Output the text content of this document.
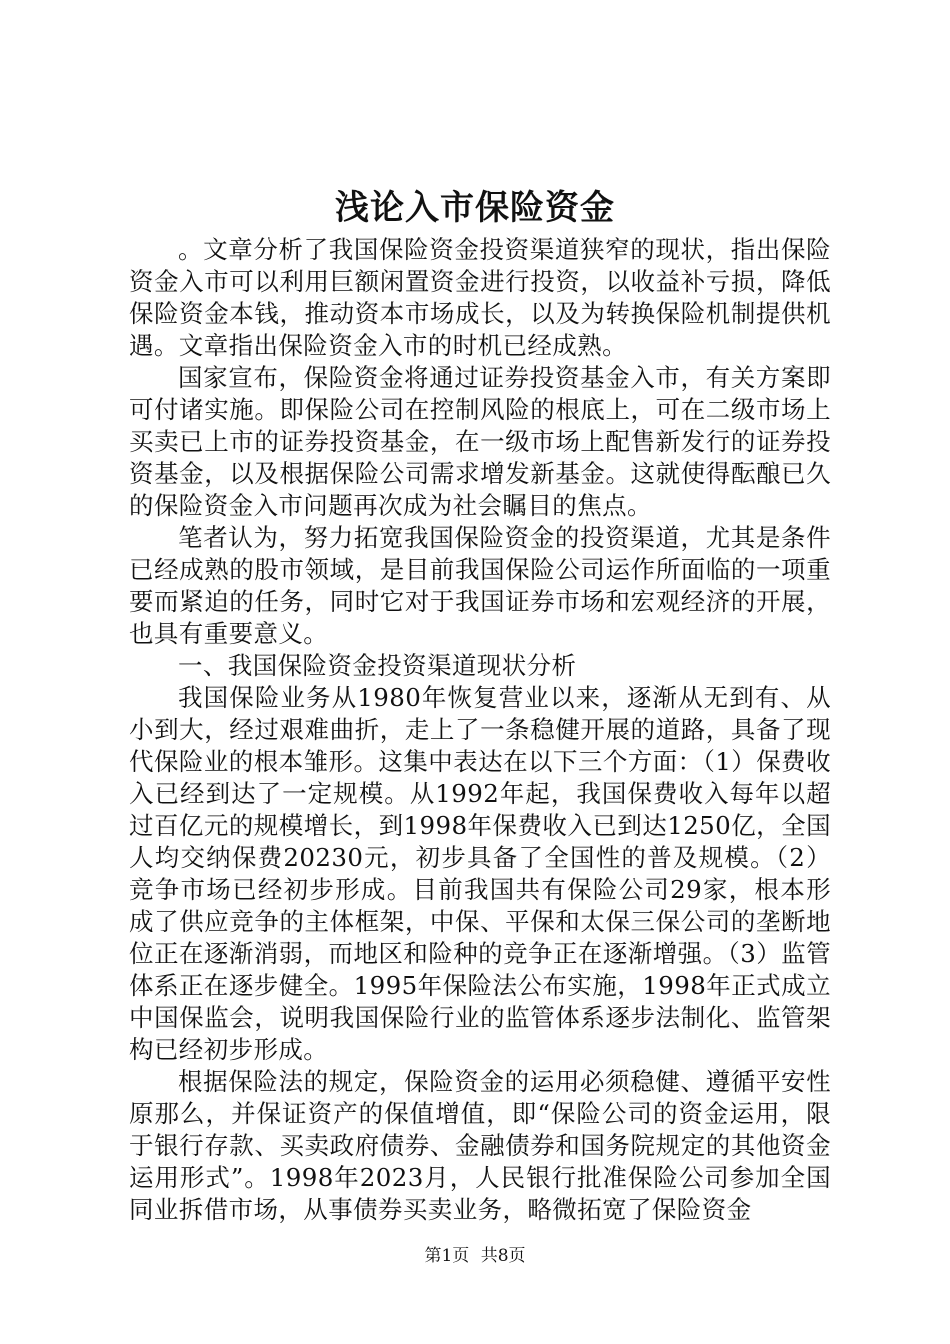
浅论入市保险资金

。文章分析了我国保险资金投资渠道狭窄的现状，指出保险资金入市可以利用巨额闲置资金进行投资，以收益补亏损，降低保险资金本钱，推动资本市场成长，以及为转换保险机制提供机遇。文章指出保险资金入市的时机已经成熟。

国家宣布，保险资金将通过证券投资基金入市，有关方案即可付诸实施。即保险公司在控制风险的根底上，可在二级市场上买卖已上市的证券投资基金，在一级市场上配售新发行的证券投资基金，以及根据保险公司需求增发新基金。这就使得酝酿已久的保险资金入市问题再次成为社会瞩目的焦点。

笔者认为，努力拓宽我国保险资金的投资渠道，尤其是条件已经成熟的股市领域，是目前我国保险公司运作所面临的一项重要而紧迫的任务，同时它对于我国证券市场和宏观经济的开展，也具有重要意义。

一、我国保险资金投资渠道现状分析

我国保险业务从1980年恢复营业以来，逐渐从无到有、从小到大，经过艰难曲折，走上了一条稳健开展的道路，具备了现代保险业的根本雏形。这集中表达在以下三个方面：（1）保费收入已经到达了一定规模。从1992年起，我国保费收入每年以超过百亿元的规模增长，到1998年保费收入已到达1250亿，全国人均交纳保费20230元，初步具备了全国性的普及规模。（2）竞争市场已经初步形成。目前我国共有保险公司29家，根本形成了供应竞争的主体框架，中保、平保和太保三保公司的垄断地位正在逐渐消弱，而地区和险种的竞争正在逐渐增强。（3）监管体系正在逐步健全。1995年保险法公布实施，1998年正式成立中国保监会，说明我国保险行业的监管体系逐步法制化、监管架构已经初步形成。

根据保险法的规定，保险资金的运用必须稳健、遵循平安性原那么，并保证资产的保值增值，即“保险公司的资金运用，限于银行存款、买卖政府债券、金融债券和国务院规定的其他资金运用形式”。1998年2023月，人民银行批准保险公司参加全国同业拆借市场，从事债券买卖业务，略微拓宽了保险资金

第1页 共8页
